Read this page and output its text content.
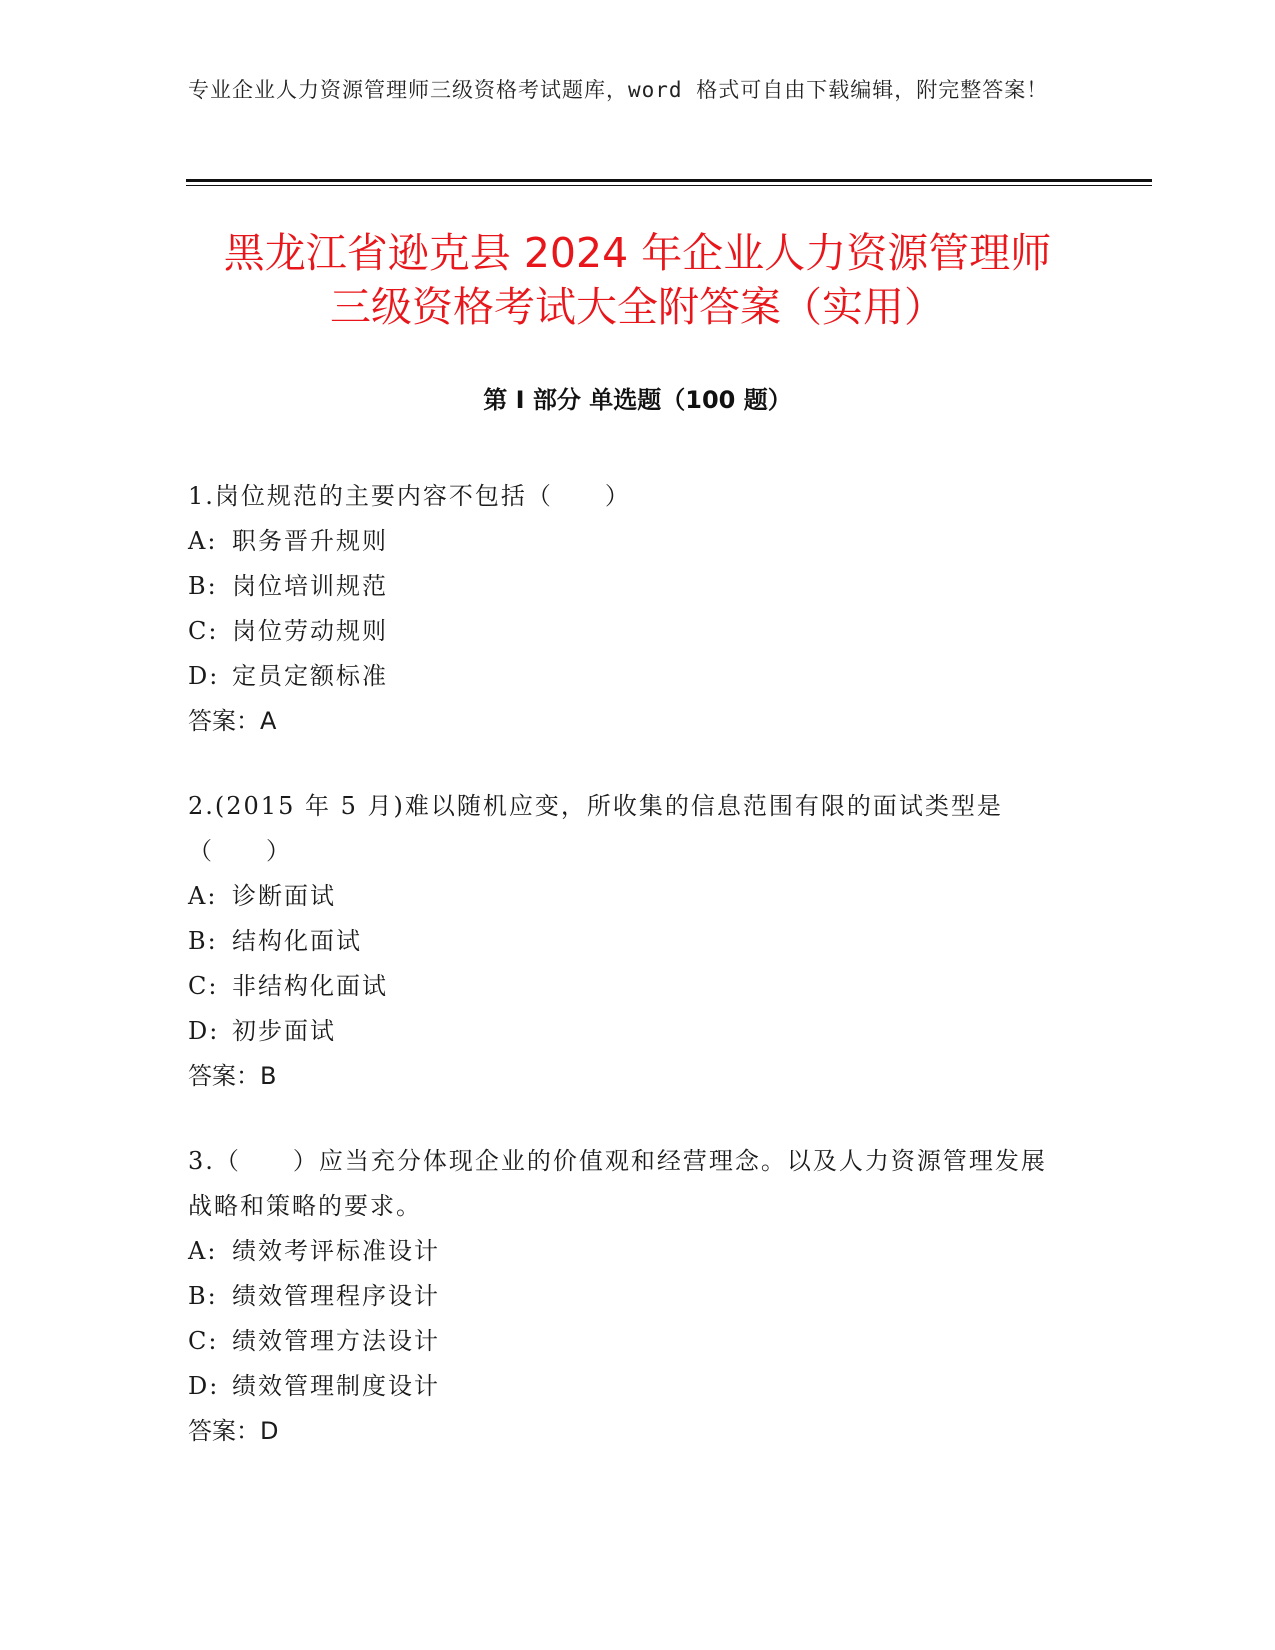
专业企业人力资源管理师三级资格考试题库，word 格式可自由下载编辑，附完整答案！
黑龙江省逊克县 2024 年企业人力资源管理师
三级资格考试大全附答案（实用）
第 I 部分 单选题（100 题）

1.岗位规范的主要内容不包括（　　）

A: 职务晋升规则

B: 岗位培训规范

C: 岗位劳动规则

D: 定员定额标准

答案：A

2.(2015 年 5 月)难以随机应变，所收集的信息范围有限的面试类型是（　　）

A: 诊断面试

B: 结构化面试

C: 非结构化面试

D: 初步面试

答案：B

3.（　　）应当充分体现企业的价值观和经营理念。以及人力资源管理发展战略和策略的要求。

A: 绩效考评标准设计

B: 绩效管理程序设计

C: 绩效管理方法设计

D: 绩效管理制度设计

答案：D
